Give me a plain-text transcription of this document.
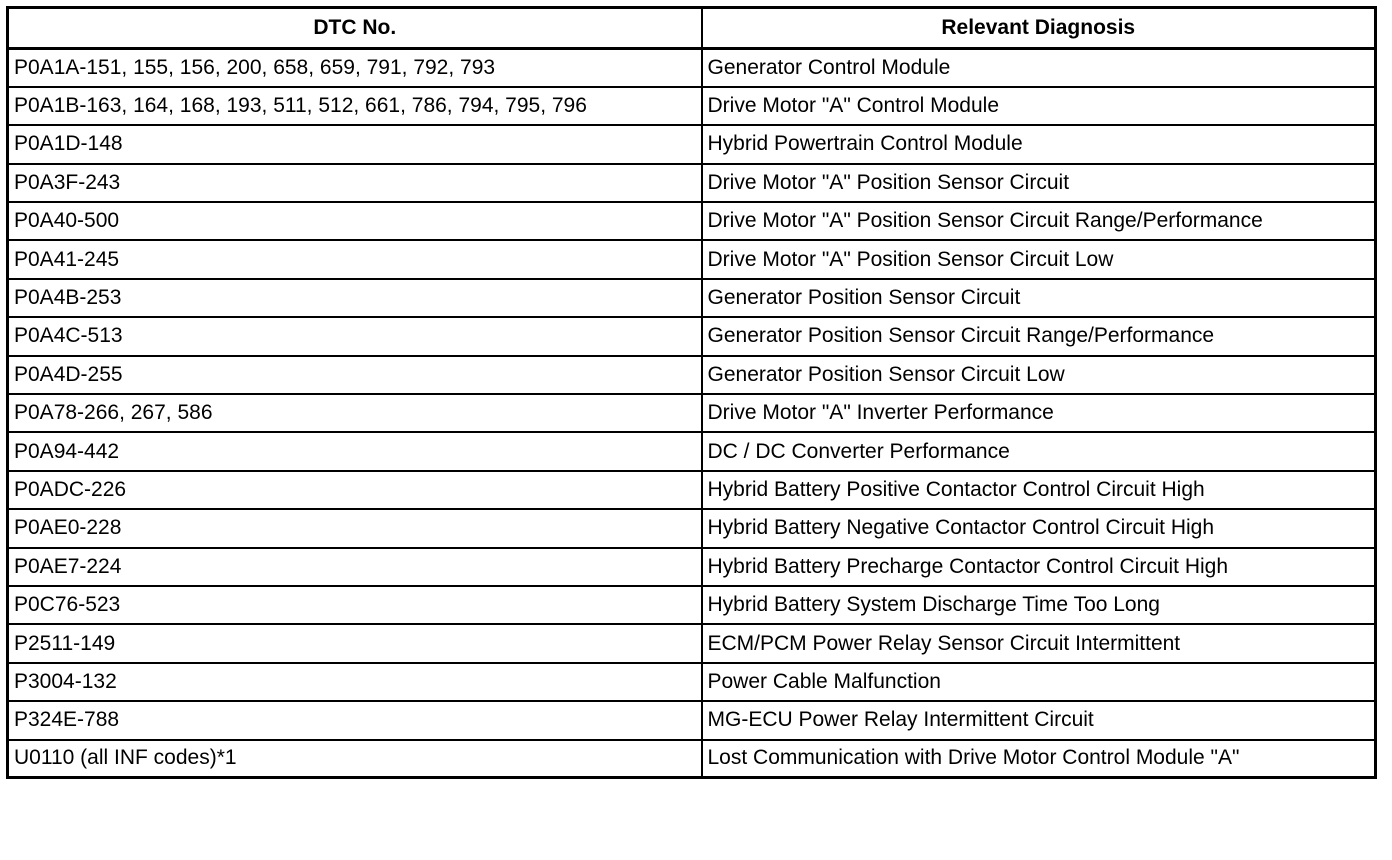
DTC No.	Relevant Diagnosis
P0A1A-151, 155, 156, 200, 658, 659, 791, 792, 793	Generator Control Module
P0A1B-163, 164, 168, 193, 511, 512, 661, 786, 794, 795, 796	Drive Motor "A" Control Module
P0A1D-148	Hybrid Powertrain Control Module
P0A3F-243	Drive Motor "A" Position Sensor Circuit
P0A40-500	Drive Motor "A" Position Sensor Circuit Range/Performance
P0A41-245	Drive Motor "A" Position Sensor Circuit Low
P0A4B-253	Generator Position Sensor Circuit
P0A4C-513	Generator Position Sensor Circuit Range/Performance
P0A4D-255	Generator Position Sensor Circuit Low
P0A78-266, 267, 586	Drive Motor "A" Inverter Performance
P0A94-442	DC / DC Converter Performance
P0ADC-226	Hybrid Battery Positive Contactor Control Circuit High
P0AE0-228	Hybrid Battery Negative Contactor Control Circuit High
P0AE7-224	Hybrid Battery Precharge Contactor Control Circuit High
P0C76-523	Hybrid Battery System Discharge Time Too Long
P2511-149	ECM/PCM Power Relay Sensor Circuit Intermittent
P3004-132	Power Cable Malfunction
P324E-788	MG-ECU Power Relay Intermittent Circuit
U0110 (all INF codes)*1	Lost Communication with Drive Motor Control Module "A"
